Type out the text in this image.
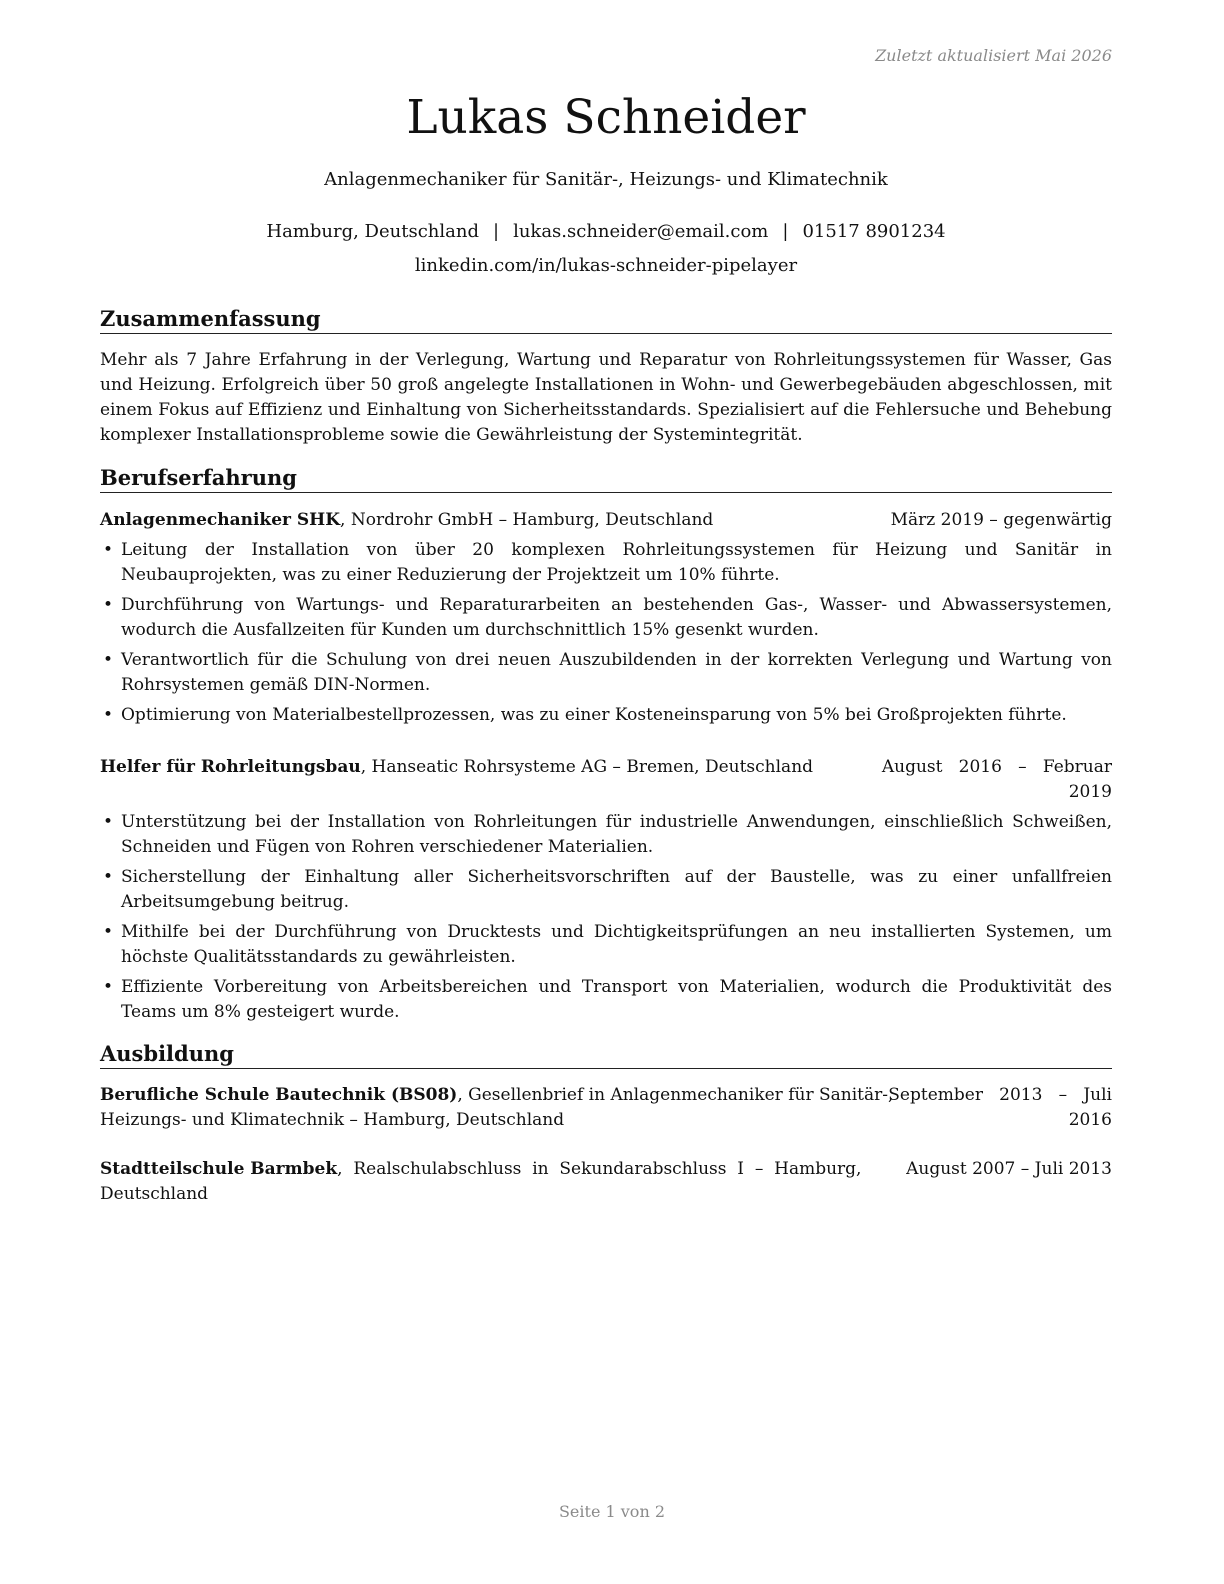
Zuletzt aktualisiert Mai 2026
Lukas Schneider
Anlagenmechaniker für Sanitär-, Heizungs- und Klimatechnik
Hamburg, Deutschland | lukas.schneider@email.com | 01517 8901234
linkedin.com/in/lukas-schneider-pipelayer
Zusammenfassung
Mehr als 7 Jahre Erfahrung in der Verlegung, Wartung und Reparatur von Rohrleitungssystemen für Wasser, Gas und Heizung. Erfolgreich über 50 groß angelegte Installationen in Wohn- und Gewerbegebäuden abgeschlossen, mit einem Fokus auf Effizienz und Einhaltung von Sicherheitsstandards. Spezialisiert auf die Fehlersuche und Behebung komplexer Installationsprobleme sowie die Gewährleistung der Systemintegrität.
Berufserfahrung
Anlagenmechaniker SHK, Nordrohr GmbH – Hamburg, Deutschland	März 2019 – gegenwärtig
• Leitung der Installation von über 20 komplexen Rohrleitungssystemen für Heizung und Sanitär in Neubauprojekten, was zu einer Reduzierung der Projektzeit um 10% führte.
• Durchführung von Wartungs- und Reparaturarbeiten an bestehenden Gas-, Wasser- und Abwassersystemen, wodurch die Ausfallzeiten für Kunden um durchschnittlich 15% gesenkt wurden.
• Verantwortlich für die Schulung von drei neuen Auszubildenden in der korrekten Verlegung und Wartung von Rohrsystemen gemäß DIN-Normen.
• Optimierung von Materialbestellprozessen, was zu einer Kosteneinsparung von 5% bei Großprojekten führte.
Helfer für Rohrleitungsbau, Hanseatic Rohrsysteme AG – Bremen, Deutschland	August   2016   –   Februar
2019
• Unterstützung bei der Installation von Rohrleitungen für industrielle Anwendungen, einschließlich Schweißen, Schneiden und Fügen von Rohren verschiedener Materialien.
• Sicherstellung der Einhaltung aller Sicherheitsvorschriften auf der Baustelle, was zu einer unfallfreien Arbeitsumgebung beitrug.
• Mithilfe bei der Durchführung von Drucktests und Dichtigkeitsprüfungen an neu installierten Systemen, um höchste Qualitätsstandards zu gewährleisten.
• Effiziente Vorbereitung von Arbeitsbereichen und Transport von Materialien, wodurch die Produktivität des Teams um 8% gesteigert wurde.
Ausbildung
Berufliche Schule Bautechnik (BS08), Gesellenbrief in Anlagenmechaniker für Sanitär-,
Heizungs- und Klimatechnik – Hamburg, Deutschland
September   2013   –   Juli
2016
Stadtteilschule Barmbek,  Realschulabschluss  in  Sekundarabschluss  I  –  Hamburg,
Deutschland
August 2007 – Juli 2013
Seite 1 von 2
